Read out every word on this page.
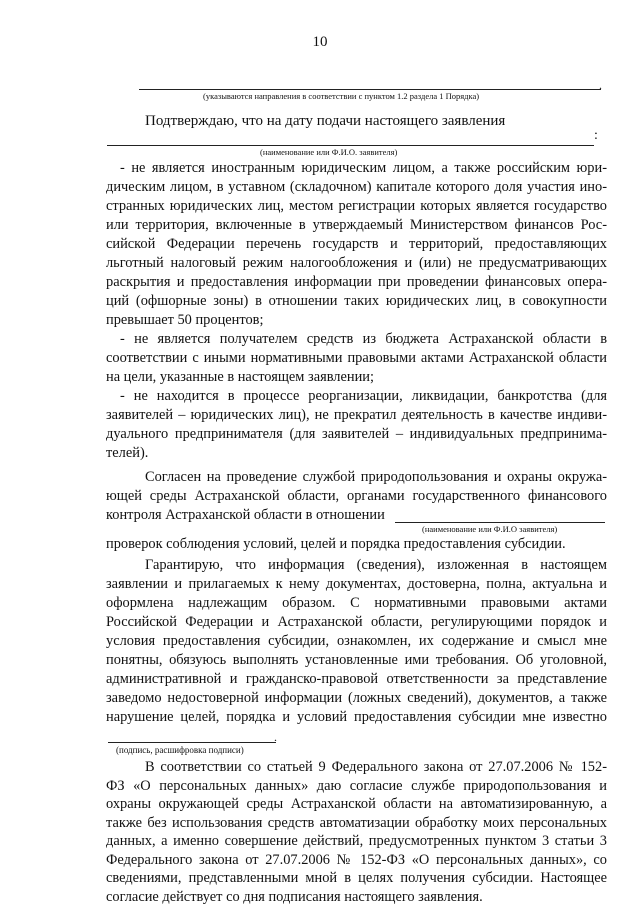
10
.
(указываются направления в соответствии с пунктом 1.2 раздела 1 Порядка)
Подтверждаю, что на дату подачи настоящего заявления
:
(наименование или Ф.И.О. заявителя)
- не является иностранным юридическим лицом, а также российским юри-
дическим лицом, в уставном (складочном) капитале которого доля участия ино-
странных юридических лиц, местом регистрации которых является государство
или территория, включенные в утверждаемый Министерством финансов Рос-
сийской Федерации перечень государств и территорий, предоставляющих
льготный налоговый режим налогообложения и (или) не предусматривающих
раскрытия и предоставления информации при проведении финансовых опера-
ций (офшорные зоны) в отношении таких юридических лиц, в совокупности
превышает 50 процентов;
- не является получателем средств из бюджета Астраханской области в
соответствии с иными нормативными правовыми актами Астраханской области
на цели, указанные в настоящем заявлении;
- не находится в процессе реорганизации, ликвидации, банкротства (для
заявителей – юридических лиц), не прекратил деятельность в качестве индиви-
дуального предпринимателя (для заявителей – индивидуальных предпринима-
телей).
Согласен на проведение службой природопользования и охраны окружа-
ющей среды Астраханской области, органами государственного финансового
контроля Астраханской области в отношении
(наименование или Ф.И.О заявителя)
проверок соблюдения условий, целей и порядка предоставления субсидии.
Гарантирую, что информация (сведения), изложенная в настоящем
заявлении и прилагаемых к нему документах, достоверна, полна, актуальна и
оформлена надлежащим образом. С нормативными правовыми актами
Российской Федерации и Астраханской области, регулирующими порядок и
условия предоставления субсидии, ознакомлен, их содержание и смысл мне
понятны, обязуюсь выполнять установленные ими требования. Об уголовной,
административной и гражданско-правовой ответственности за представление
заведомо недостоверной информации (ложных сведений), документов, а также
нарушение целей, порядка и условий предоставления субсидии мне известно
.
(подпись, расшифровка подписи)
В соответствии со статьей 9 Федерального закона от 27.07.2006 № 152-
ФЗ «О персональных данных» даю согласие службе природопользования и
охраны окружающей среды Астраханской области на автоматизированную, а
также без использования средств автоматизации обработку моих персональных
данных, а именно совершение действий, предусмотренных пунктом 3 статьи 3
Федерального закона от 27.07.2006 № 152-ФЗ «О персональных данных», со
сведениями, представленными мной в целях получения субсидии. Настоящее
согласие действует со дня подписания настоящего заявления.
